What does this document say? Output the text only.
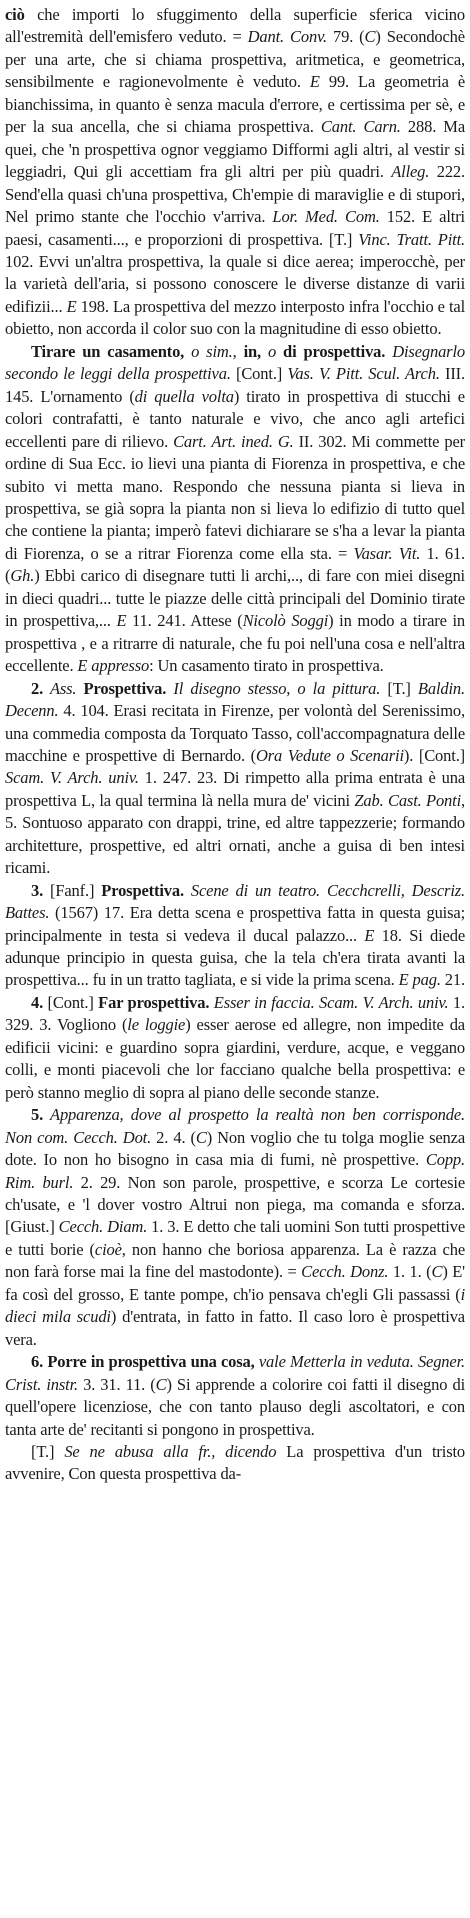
ciò che importi lo sfuggimento della superficie sferica vicino all'estremità dell'emisfero veduto. = Dant. Conv. 79. (C) Secondochè per una arte, che si chiama prospettiva, aritmetica, e geometrica, sensibilmente e ragionevolmente è veduto. E 99. La geometria è bianchissima, in quanto è senza macula d'errore, e certissima per sè, e per la sua ancella, che si chiama prospettiva. Cant. Carn. 288. Ma quei, che 'n prospettiva ognor veggiamo Difformi agli altri, al vestir si leggiadri, Qui gli accettiam fra gli altri per più quadri. Alleg. 222. Send'ella quasi ch'una prospettiva, Ch'empie di maraviglie e di stupori, Nel primo stante che l'occhio v'arriva. Lor. Med. Com. 152. E altri paesi, casamenti..., e proporzioni di prospettiva. [T.] Vinc. Tratt. Pitt. 102. Evvi un'altra prospettiva, la quale si dice aerea; imperocchè, per la varietà dell'aria, si possono conoscere le diverse distanze di varii edifizii... E 198. La prospettiva del mezzo interposto infra l'occhio e tal obietto, non accorda il color suo con la magnitudine di esso obietto.

Tirare un casamento, o sim., in, o di prospettiva. Disegnarlo secondo le leggi della prospettiva. [Cont.] Vas. V. Pitt. Scul. Arch. III. 145. L'ornamento (di quella volta) tirato in prospettiva di stucchi e colori contrafatti, è tanto naturale e vivo, che anco agli artefici eccellenti pare di rilievo. Cart. Art. ined. G. II. 302. Mi commette per ordine di Sua Ecc. io lievi una pianta di Fiorenza in prospettiva, e che subito vi metta mano. Respondo che nessuna pianta si lieva in prospettiva, se già sopra la pianta non si lieva lo edifizio di tutto quel che contiene la pianta; imperò fatevi dichiarare se s'ha a levar la pianta di Fiorenza, o se a ritrar Fiorenza come ella sta. = Vasar. Vit. 1. 61. (Gh.) Ebbi carico di disegnare tutti li archi,.., di fare con miei disegni in dieci quadri... tutte le piazze delle città principali del Dominio tirate in prospettiva,... E 11. 241. Attese (Nicolò Soggi) in modo a tirare in prospettiva , e a ritrarre di naturale, che fu poi nell'una cosa e nell'altra eccellente. E appresso: Un casamento tirato in prospettiva.

2. Ass. Prospettiva. Il disegno stesso, o la pittura. [T.] Baldin. Decenn. 4. 104. Erasi recitata in Firenze, per volontà del Serenissimo, una commedia composta da Torquato Tasso, coll'accompagnatura delle macchine e prospettive di Bernardo. (Ora Vedute o Scenarii). [Cont.] Scam. V. Arch. univ. 1. 247. 23. Di rimpetto alla prima entrata è una prospettiva L, la qual termina là nella mura de' vicini Zab. Cast. Ponti, 5. Sontuoso apparato con drappi, trine, ed altre tappezzerie; formando architetture, prospettive, ed altri ornati, anche a guisa di ben intesi ricami.

3. [Fanf.] Prospettiva. Scene di un teatro. Cecchcrelli, Descriz. Battes. (1567) 17. Era detta scena e prospettiva fatta in questa guisa; principalmente in testa si vedeva il ducal palazzo... E 18. Si diede adunque principio in questa guisa, che la tela ch'era tirata avanti la prospettiva... fu in un tratto tagliata, e si vide la prima scena. E pag. 21.

4. [Cont.] Far prospettiva. Esser in faccia. Scam. V. Arch. univ. 1. 329. 3. Vogliono (le loggie) esser aerose ed allegre, non impedite da edificii vicini: e guardino sopra giardini, verdure, acque, e veggano colli, e monti piacevoli che lor facciano qualche bella prospettiva: e però stanno meglio di sopra al piano delle seconde stanze.

5. Apparenza, dove al prospetto la realtà non ben corrisponde. Non com. Cecch. Dot. 2. 4. (C) Non voglio che tu tolga moglie senza dote. Io non ho bisogno in casa mia di fumi, nè prospettive. Copp. Rim. burl. 2. 29. Non son parole, prospettive, e scorza Le cortesie ch'usate, e 'l dover vostro Altrui non piega, ma comanda e sforza. [Giust.] Cecch. Diam. 1. 3. E detto che tali uomini Son tutti prospettive e tutti borie (cioè, non hanno che boriosa apparenza. La è razza che non farà forse mai la fine del mastodonte). = Cecch. Donz. 1. 1. (C) E' fa così del grosso, E tante pompe, ch'io pensava ch'egli Gli passassi (i dieci mila scudi) d'entrata, in fatto in fatto. Il caso loro è prospettiva vera.

6. Porre in prospettiva una cosa, vale Metterla in veduta. Segner. Crist. instr. 3. 31. 11. (C) Si apprende a colorire coi fatti il disegno di quell'opere licenziose, che con tanto plauso degli ascoltatori, e con tanta arte de' recitanti si pongono in prospettiva.

[T.] Se ne abusa alla fr., dicendo La prospettiva d'un tristo avvenire, Con questa prospettiva da-
